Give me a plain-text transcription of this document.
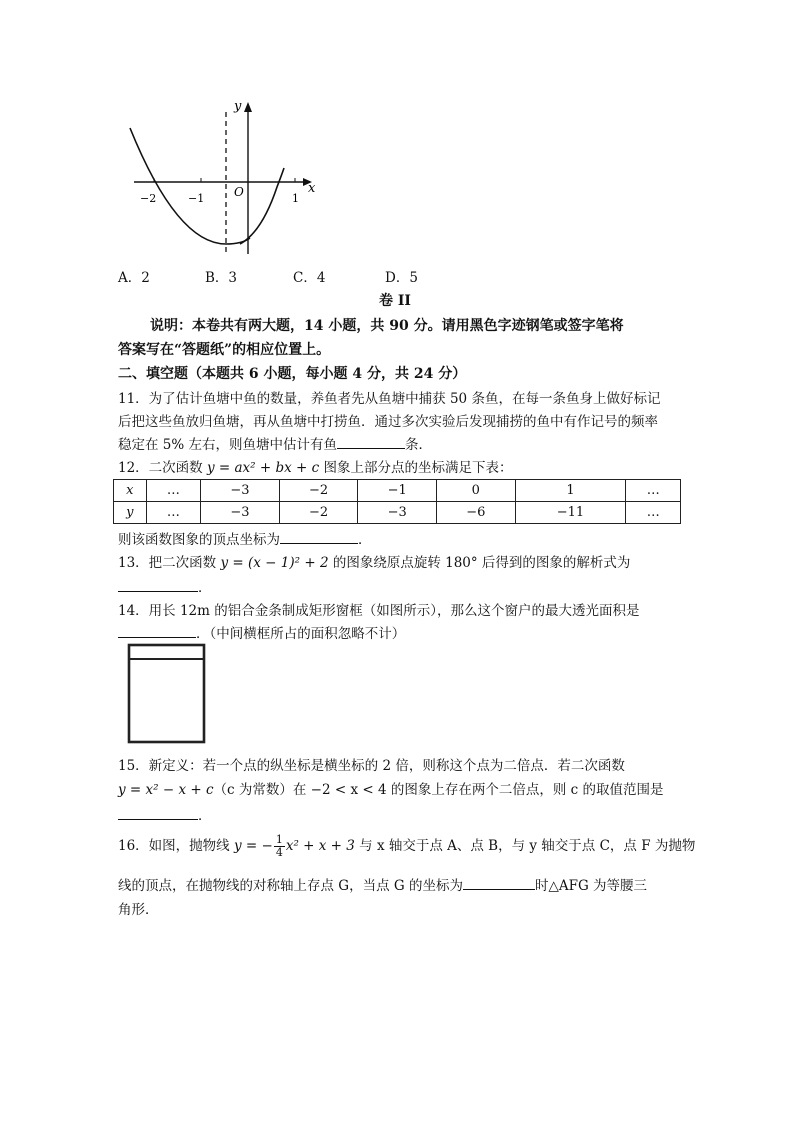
y
x
O
−2	−1	1
A．2	B．3	C．4	D．5
卷 II
说明：本卷共有两大题，14 小题，共 90 分。请用黑色字迹钢笔或签字笔将
答案写在“答题纸”的相应位置上。
二、填空题（本题共 6 小题，每小题 4 分，共 24 分）
11．为了估计鱼塘中鱼的数量，养鱼者先从鱼塘中捕获 50 条鱼，在每一条鱼身上做好标记
后把这些鱼放归鱼塘，再从鱼塘中打捞鱼．通过多次实验后发现捕捞的鱼中有作记号的频率
稳定在 5% 左右，则鱼塘中估计有鱼	条．
12．二次函数 y = ax² + bx + c 图象上部分点的坐标满足下表：
x	…	−3	−2	−1	0	1	…
y	…	−3	−2	−3	−6	−11	…
则该函数图象的顶点坐标为	．
13．把二次函数 y = (x − 1)² + 2 的图象绕原点旋转 180° 后得到的图象的解析式为
．
14．用长 12m 的铝合金条制成矩形窗框（如图所示），那么这个窗户的最大透光面积是
．（中间横框所占的面积忽略不计）
15．新定义：若一个点的纵坐标是横坐标的 2 倍，则称这个点为二倍点．若二次函数
y = x² − x + c（c 为常数）在 −2 < x < 4 的图象上存在两个二倍点，则 c 的取值范围是
．
16．如图，抛物线 y = − $\frac{1}{4} x^2 + x + 3$ 与 x 轴交于点 A、点 B，与 y 轴交于点 C，点 F 为抛物
线的顶点，在抛物线的对称轴上存点 G，当点 G 的坐标为	时△AFG 为等腰三
角形．
